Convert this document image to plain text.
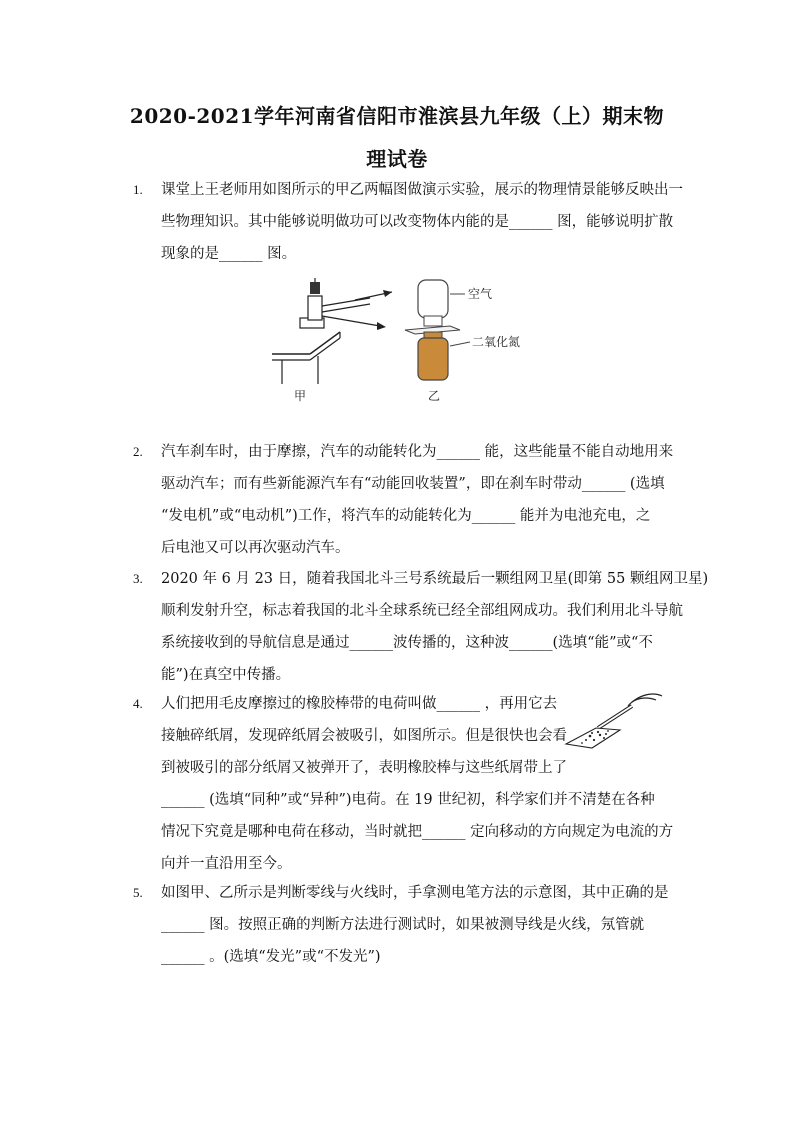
2020-2021学年河南省信阳市淮滨县九年级（上）期末物
理试卷
1. 课堂上王老师用如图所示的甲乙两幅图做演示实验，展示的物理情景能够反映出一
些物理知识。其中能够说明做功可以改变物体内能的是______ 图，能够说明扩散
现象的是______ 图。
甲
空气
二氧化氮
乙
2. 汽车刹车时，由于摩擦，汽车的动能转化为______ 能，这些能量不能自动地用来
驱动汽车；而有些新能源汽车有“动能回收装置”，即在刹车时带动______ (选填
“发电机”或“电动机”)工作，将汽车的动能转化为______ 能并为电池充电，之
后电池又可以再次驱动汽车。
3. 2020 年 6 月 23 日，随着我国北斗三号系统最后一颗组网卫星(即第 55 颗组网卫星)
顺利发射升空，标志着我国的北斗全球系统已经全部组网成功。我们利用北斗导航
系统接收到的导航信息是通过______波传播的，这种波______(选填“能”或“不
能”)在真空中传播。
4. 人们把用毛皮摩擦过的橡胶棒带的电荷叫做______ ，再用它去
接触碎纸屑，发现碎纸屑会被吸引，如图所示。但是很快也会看
到被吸引的部分纸屑又被弹开了，表明橡胶棒与这些纸屑带上了
______ (选填“同种”或“异种”)电荷。在 19 世纪初，科学家们并不清楚在各种
情况下究竟是哪种电荷在移动，当时就把______ 定向移动的方向规定为电流的方
向并一直沿用至今。
5. 如图甲、乙所示是判断零线与火线时，手拿测电笔方法的示意图，其中正确的是
______ 图。按照正确的判断方法进行测试时，如果被测导线是火线，氖管就
______ 。(选填“发光”或“不发光”)
